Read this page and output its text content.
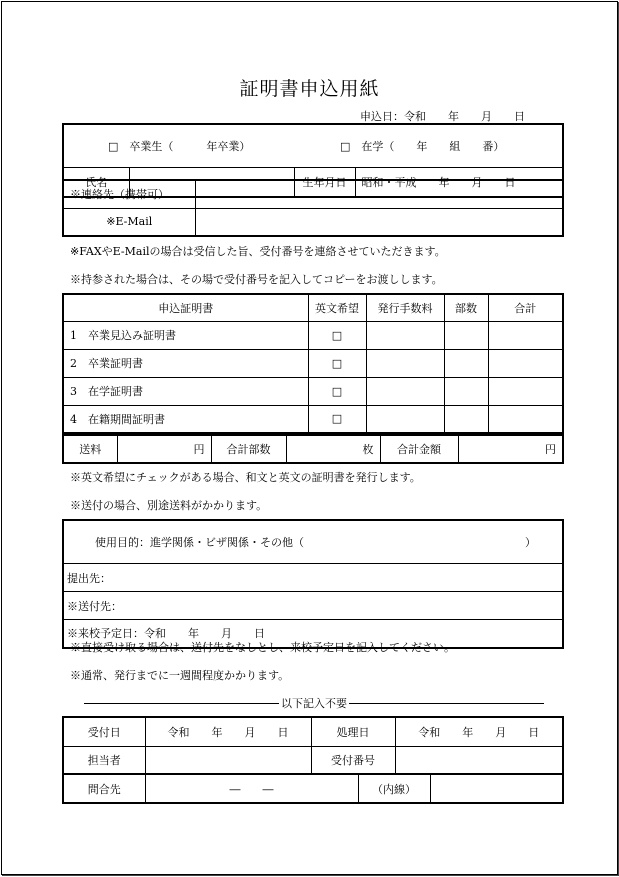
証明書申込用紙
申込日：令和　　年　　月　　日

□　卒業生（　　　年卒業）	□　在学（　　年　　組　　番）

氏名		生年月日	昭和・平成　　年　　月　　日
※連絡先（携帯可）	
※E-Mail	
※FAXやE-Mailの場合は受信した旨、受付番号を連絡させていただきます。
※持参された場合は、その場で受付番号を記入してコピーをお渡しします。
申込証明書	英文希望	発行手数料	部数	合計
1　卒業見込み証明書	□			
2　卒業証明書	□			
3　在学証明書	□			
4　在籍期間証明書	□			
送料	円	合計部数	枚	合計金額	円
※英文希望にチェックがある場合、和文と英文の証明書を発行します。
※送付の場合、別途送料がかかります。

使用目的：進学関係・ビザ関係・その他（	）

提出先：
※送付先：
※来校予定日：令和　　年　　月　　日
※直接受け取る場合は、送付先をなしとし、来校予定日を記入してください。
※通常、発行までに一週間程度かかります。
以下記入不要
受付日	令和　　年　　月　　日	処理日	令和　　年　　月　　日
担当者		受付番号	
問合先	―　　―	（内線）	
